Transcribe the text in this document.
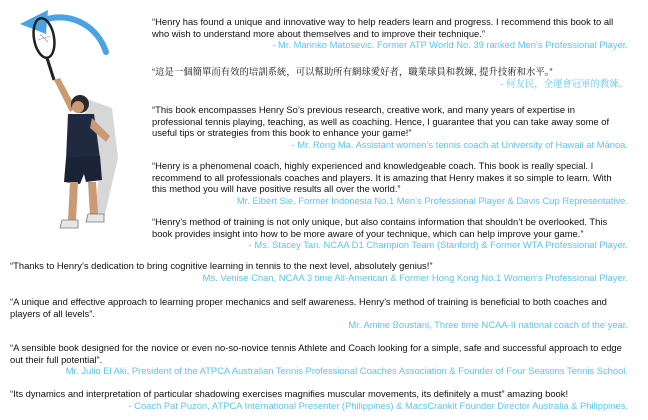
“Henry has found a unique and innovative way to help readers learn and progress. I recommend this book to all who wish to understand more about themselves and to improve their technique.”
- Mr. Marinko Matosevic. Former ATP World No. 39 ranked Men’s Professional Player.
“這是一個簡單而有效的培訓系統，可以幫助所有網球愛好者，職業球員和教練, 提升技術和水平。”
- 何友民，全運會冠軍的教練。
“This book encompasses Henry So’s previous research, creative work, and many years of expertise in professional tennis playing, teaching, as well as coaching. Hence, I guarantee that you can take away some of useful tips or strategies from this book to enhance your game!”
- Mr. Rong Ma. Assistant women’s tennis coach at University of Hawaii at Mānoa.
“Henry is a phenomenal coach, highly experienced and knowledgeable coach. This book is really special. I recommend to all professionals coaches and players. It is amazing that Henry makes it so simple to learn. With this method you will have positive results all over the world.”
Mr. Elbert Sie. Former Indonesia No.1 Men’s Professional Player & Davis Cup Representative.
“Henry’s method of training is not only unique, but also contains information that shouldn’t be overlooked. This book provides insight into how to be more aware of your technique, which can help improve your game.”
- Ms. Stacey Tan. NCAA D1 Champion Team (Stanford) & Former WTA Professional Player.
“Thanks to Henry’s dedication to bring cognitive learning in tennis to the next level, absolutely genius!”
Ms. Venise Chan, NCAA 3 time All-American & Former Hong Kong No.1 Women’s Professional Player.
“A unique and effective approach to learning proper mechanics and self awareness. Henry’s method of training is beneficial to both coaches and players of all levels”.
Mr. Amine Boustani, Three time NCAA-II national coach of the year.
“A sensible book designed for the novice or even no-so-novice tennis Athlete and Coach looking for a simple, safe and successful approach to edge out their full potential”.
Mr. Julio El Aki, President of the ATPCA Australian Tennis Professional Coaches Association & Founder of Four Seasons Tennis School.
“Its dynamics and interpretation of particular shadowing exercises magnifies muscular movements, its definitely a must” amazing book!
- Coach Pat Puzon, ATPCA International Presenter (Philippines) & MacsCrankit Founder Director Australia & Philippines.
